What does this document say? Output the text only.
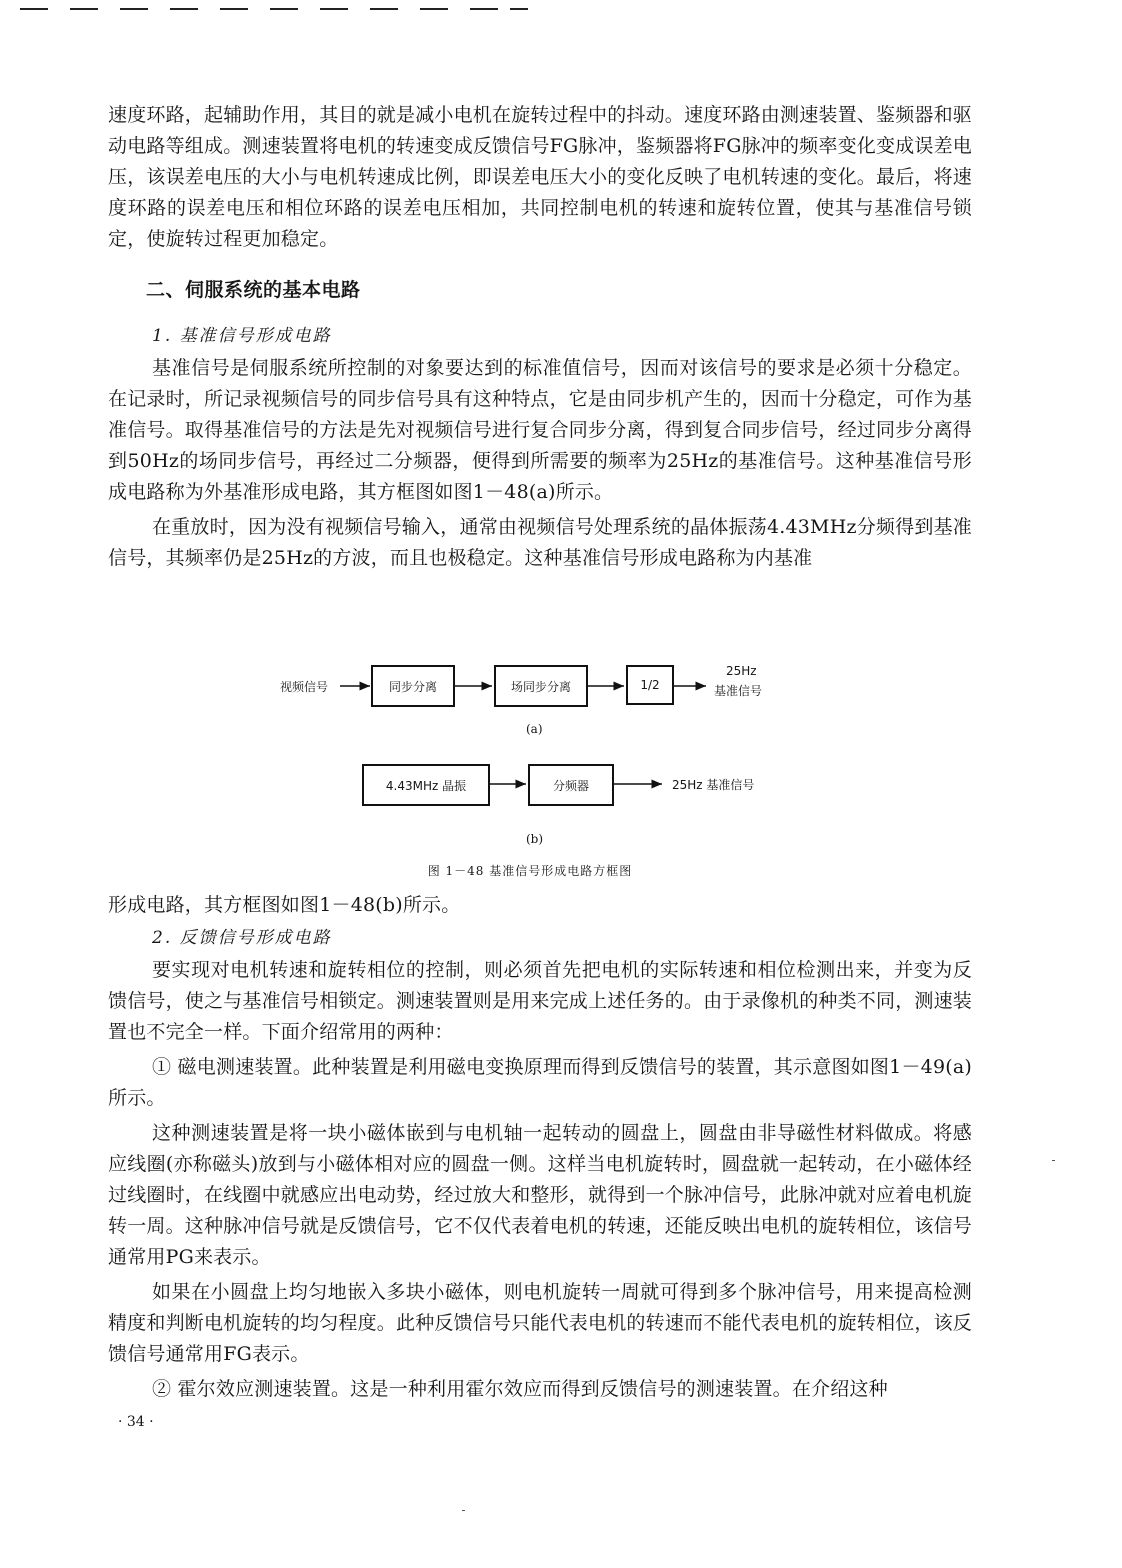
速度环路，起辅助作用，其目的就是减小电机在旋转过程中的抖动。速度环路由测速装置、鉴频器和驱动电路等组成。测速装置将电机的转速变成反馈信号FG脉冲，鉴频器将FG脉冲的频率变化变成误差电压，该误差电压的大小与电机转速成比例，即误差电压大小的变化反映了电机转速的变化。最后，将速度环路的误差电压和相位环路的误差电压相加，共同控制电机的转速和旋转位置，使其与基准信号锁定，使旋转过程更加稳定。

二、伺服系统的基本电路

1. 基准信号形成电路

基准信号是伺服系统所控制的对象要达到的标准值信号，因而对该信号的要求是必须十分稳定。在记录时，所记录视频信号的同步信号具有这种特点，它是由同步机产生的，因而十分稳定，可作为基准信号。取得基准信号的方法是先对视频信号进行复合同步分离，得到复合同步信号，经过同步分离得到50Hz的场同步信号，再经过二分频器，便得到所需要的频率为25Hz的基准信号。这种基准信号形成电路称为外基准形成电路，其方框图如图1－48(a)所示。

在重放时，因为没有视频信号输入，通常由视频信号处理系统的晶体振荡4.43MHz分频得到基准信号，其频率仍是25Hz的方波，而且也极稳定。这种基准信号形成电路称为内基准

视频信号	同步分离	场同步分离	1/2
25Hz
基准信号
(a)
4.43MHz 晶振	分频器	25Hz 基准信号
(b)
图 1－48 基准信号形成电路方框图

形成电路，其方框图如图1－48(b)所示。

2. 反馈信号形成电路

要实现对电机转速和旋转相位的控制，则必须首先把电机的实际转速和相位检测出来，并变为反馈信号，使之与基准信号相锁定。测速装置则是用来完成上述任务的。由于录像机的种类不同，测速装置也不完全一样。下面介绍常用的两种：

① 磁电测速装置。此种装置是利用磁电变换原理而得到反馈信号的装置，其示意图如图1－49(a)所示。

这种测速装置是将一块小磁体嵌到与电机轴一起转动的圆盘上，圆盘由非导磁性材料做成。将感应线圈(亦称磁头)放到与小磁体相对应的圆盘一侧。这样当电机旋转时，圆盘就一起转动，在小磁体经过线圈时，在线圈中就感应出电动势，经过放大和整形，就得到一个脉冲信号，此脉冲就对应着电机旋转一周。这种脉冲信号就是反馈信号，它不仅代表着电机的转速，还能反映出电机的旋转相位，该信号通常用PG来表示。

如果在小圆盘上均匀地嵌入多块小磁体，则电机旋转一周就可得到多个脉冲信号，用来提高检测精度和判断电机旋转的均匀程度。此种反馈信号只能代表电机的转速而不能代表电机的旋转相位，该反馈信号通常用FG表示。

② 霍尔效应测速装置。这是一种利用霍尔效应而得到反馈信号的测速装置。在介绍这种

· 34 ·
